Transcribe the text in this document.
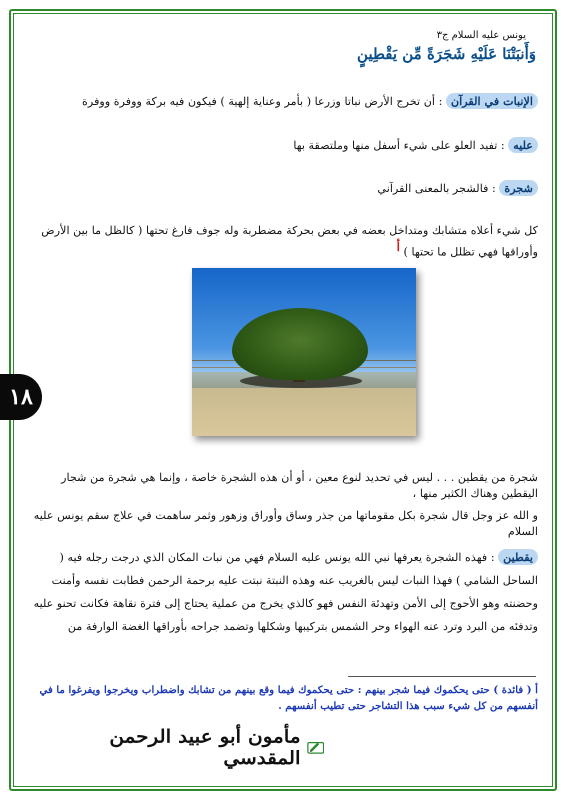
يونس عليه السلام ج٣
وَأَنبَتْنَا عَلَيْهِ شَجَرَةً مِّن يَقْطِينٍ
الإنبات في القرآن : أن تخرج الأرض نباتا وزرعا ( بأمر وعناية إلهية ) فيكون فيه بركة ووفرة ووفرة
عليه : تفيد العلو على شيء أسفل منها وملتصقة بها
شجرة : فالشجر بالمعنى القرآني
كل شيء أعلاه متشابك ومتداخل بعضه في بعض بحركة مضطربة وله جوف فارغ تحتها ( كالظل ما بين الأرض وأوراقها فهي تظلل ما تحتها ) $^أ$
١٨
شجرة من يقطين . . . ليس في تحديد لنوع معين ، أو أن هذه الشجرة خاصة ، وإنما هي شجرة من شجار اليقطين وهناك الكثير منها ،
و الله عز وجل قال شجرة بكل مقوماتها من جذر وساق وأوراق وزهور وثمر ساهمت في علاج سقم يونس عليه السلام
يقطين : فهذه الشجرة يعرفها نبي الله يونس عليه السلام فهي من نبات المكان الذي درجت رجله فيه ( الساحل الشامي ) فهذا النبات ليس بالغريب عنه وهذه النبتة نبتت عليه برحمة الرحمن فطابت نفسه وأمنت وحضنته وهو الأحوج إلى الأمن وتهدئة النفس فهو كالذي يخرج من عملية يحتاج إلى فترة نقاهة فكانت تحنو عليه وتدفئه من البرد وترد عنه الهواء وحر الشمس بتركيبها وشكلها وتضمد جراحه بأوراقها الغضة الوارفة من
أ ( فائدة ) حتى يحكموك فيما شجر بينهم : حتى يحكموك فيما وقع بينهم من تشابك واضطراب ويخرجوا ويفرغوا ما في أنفسهم من كل شيء سبب هذا التشاجر حتى تطيب أنفسهم .
مأمون أبو عبيد الرحمن المقدسي
